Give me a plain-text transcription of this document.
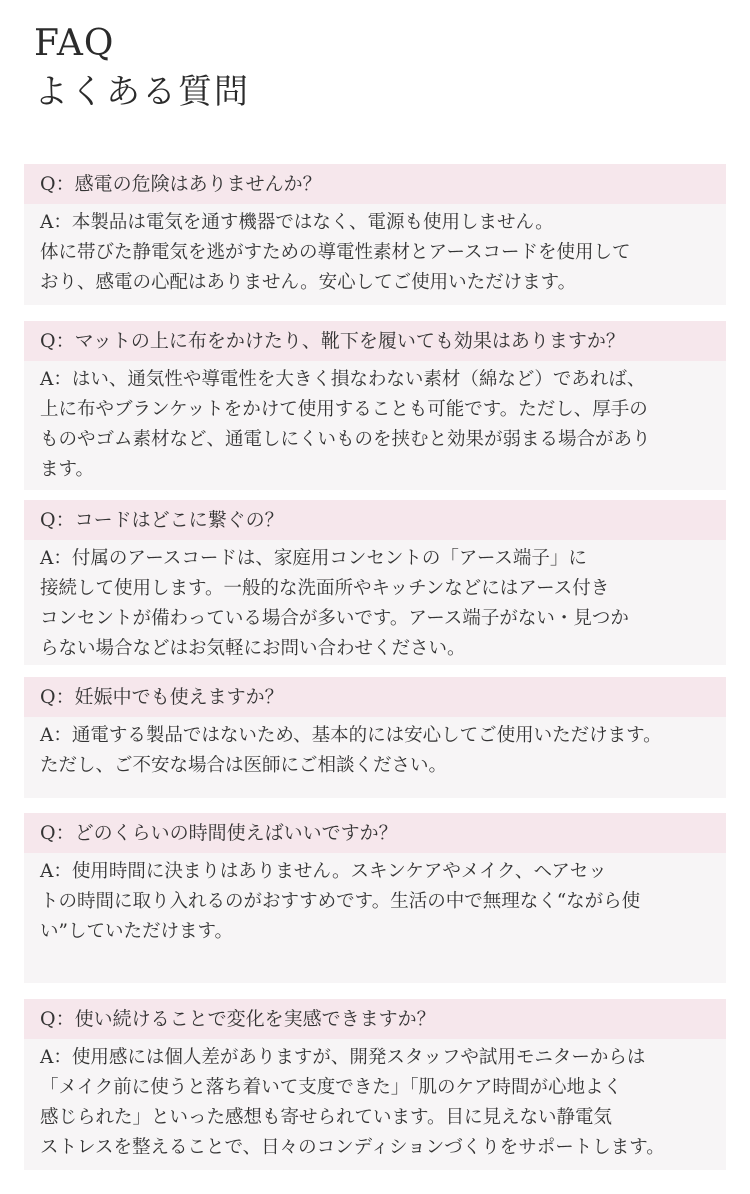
FAQ
よくある質問
Q：感電の危険はありませんか？
A：本製品は電気を通す機器ではなく、電源も使用しません。
体に帯びた静電気を逃がすための導電性素材とアースコードを使用して
おり、感電の心配はありません。安心してご使用いただけます。
Q：マットの上に布をかけたり、靴下を履いても効果はありますか？
A：はい、通気性や導電性を大きく損なわない素材（綿など）であれば、
上に布やブランケットをかけて使用することも可能です。ただし、厚手の
ものやゴム素材など、通電しにくいものを挟むと効果が弱まる場合があり
ます。
Q：コードはどこに繋ぐの？
A：付属のアースコードは、家庭用コンセントの「アース端子」に
接続して使用します。一般的な洗面所やキッチンなどにはアース付き
コンセントが備わっている場合が多いです。アース端子がない・見つか
らない場合などはお気軽にお問い合わせください。
Q：妊娠中でも使えますか？
A：通電する製品ではないため、基本的には安心してご使用いただけます。
ただし、ご不安な場合は医師にご相談ください。
Q：どのくらいの時間使えばいいですか？
A：使用時間に決まりはありません。スキンケアやメイク、ヘアセッ
トの時間に取り入れるのがおすすめです。生活の中で無理なく“ながら使
い”していただけます。
Q：使い続けることで変化を実感できますか？
A：使用感には個人差がありますが、開発スタッフや試用モニターからは
「メイク前に使うと落ち着いて支度できた」「肌のケア時間が心地よく
感じられた」といった感想も寄せられています。目に見えない静電気
ストレスを整えることで、日々のコンディションづくりをサポートします。
